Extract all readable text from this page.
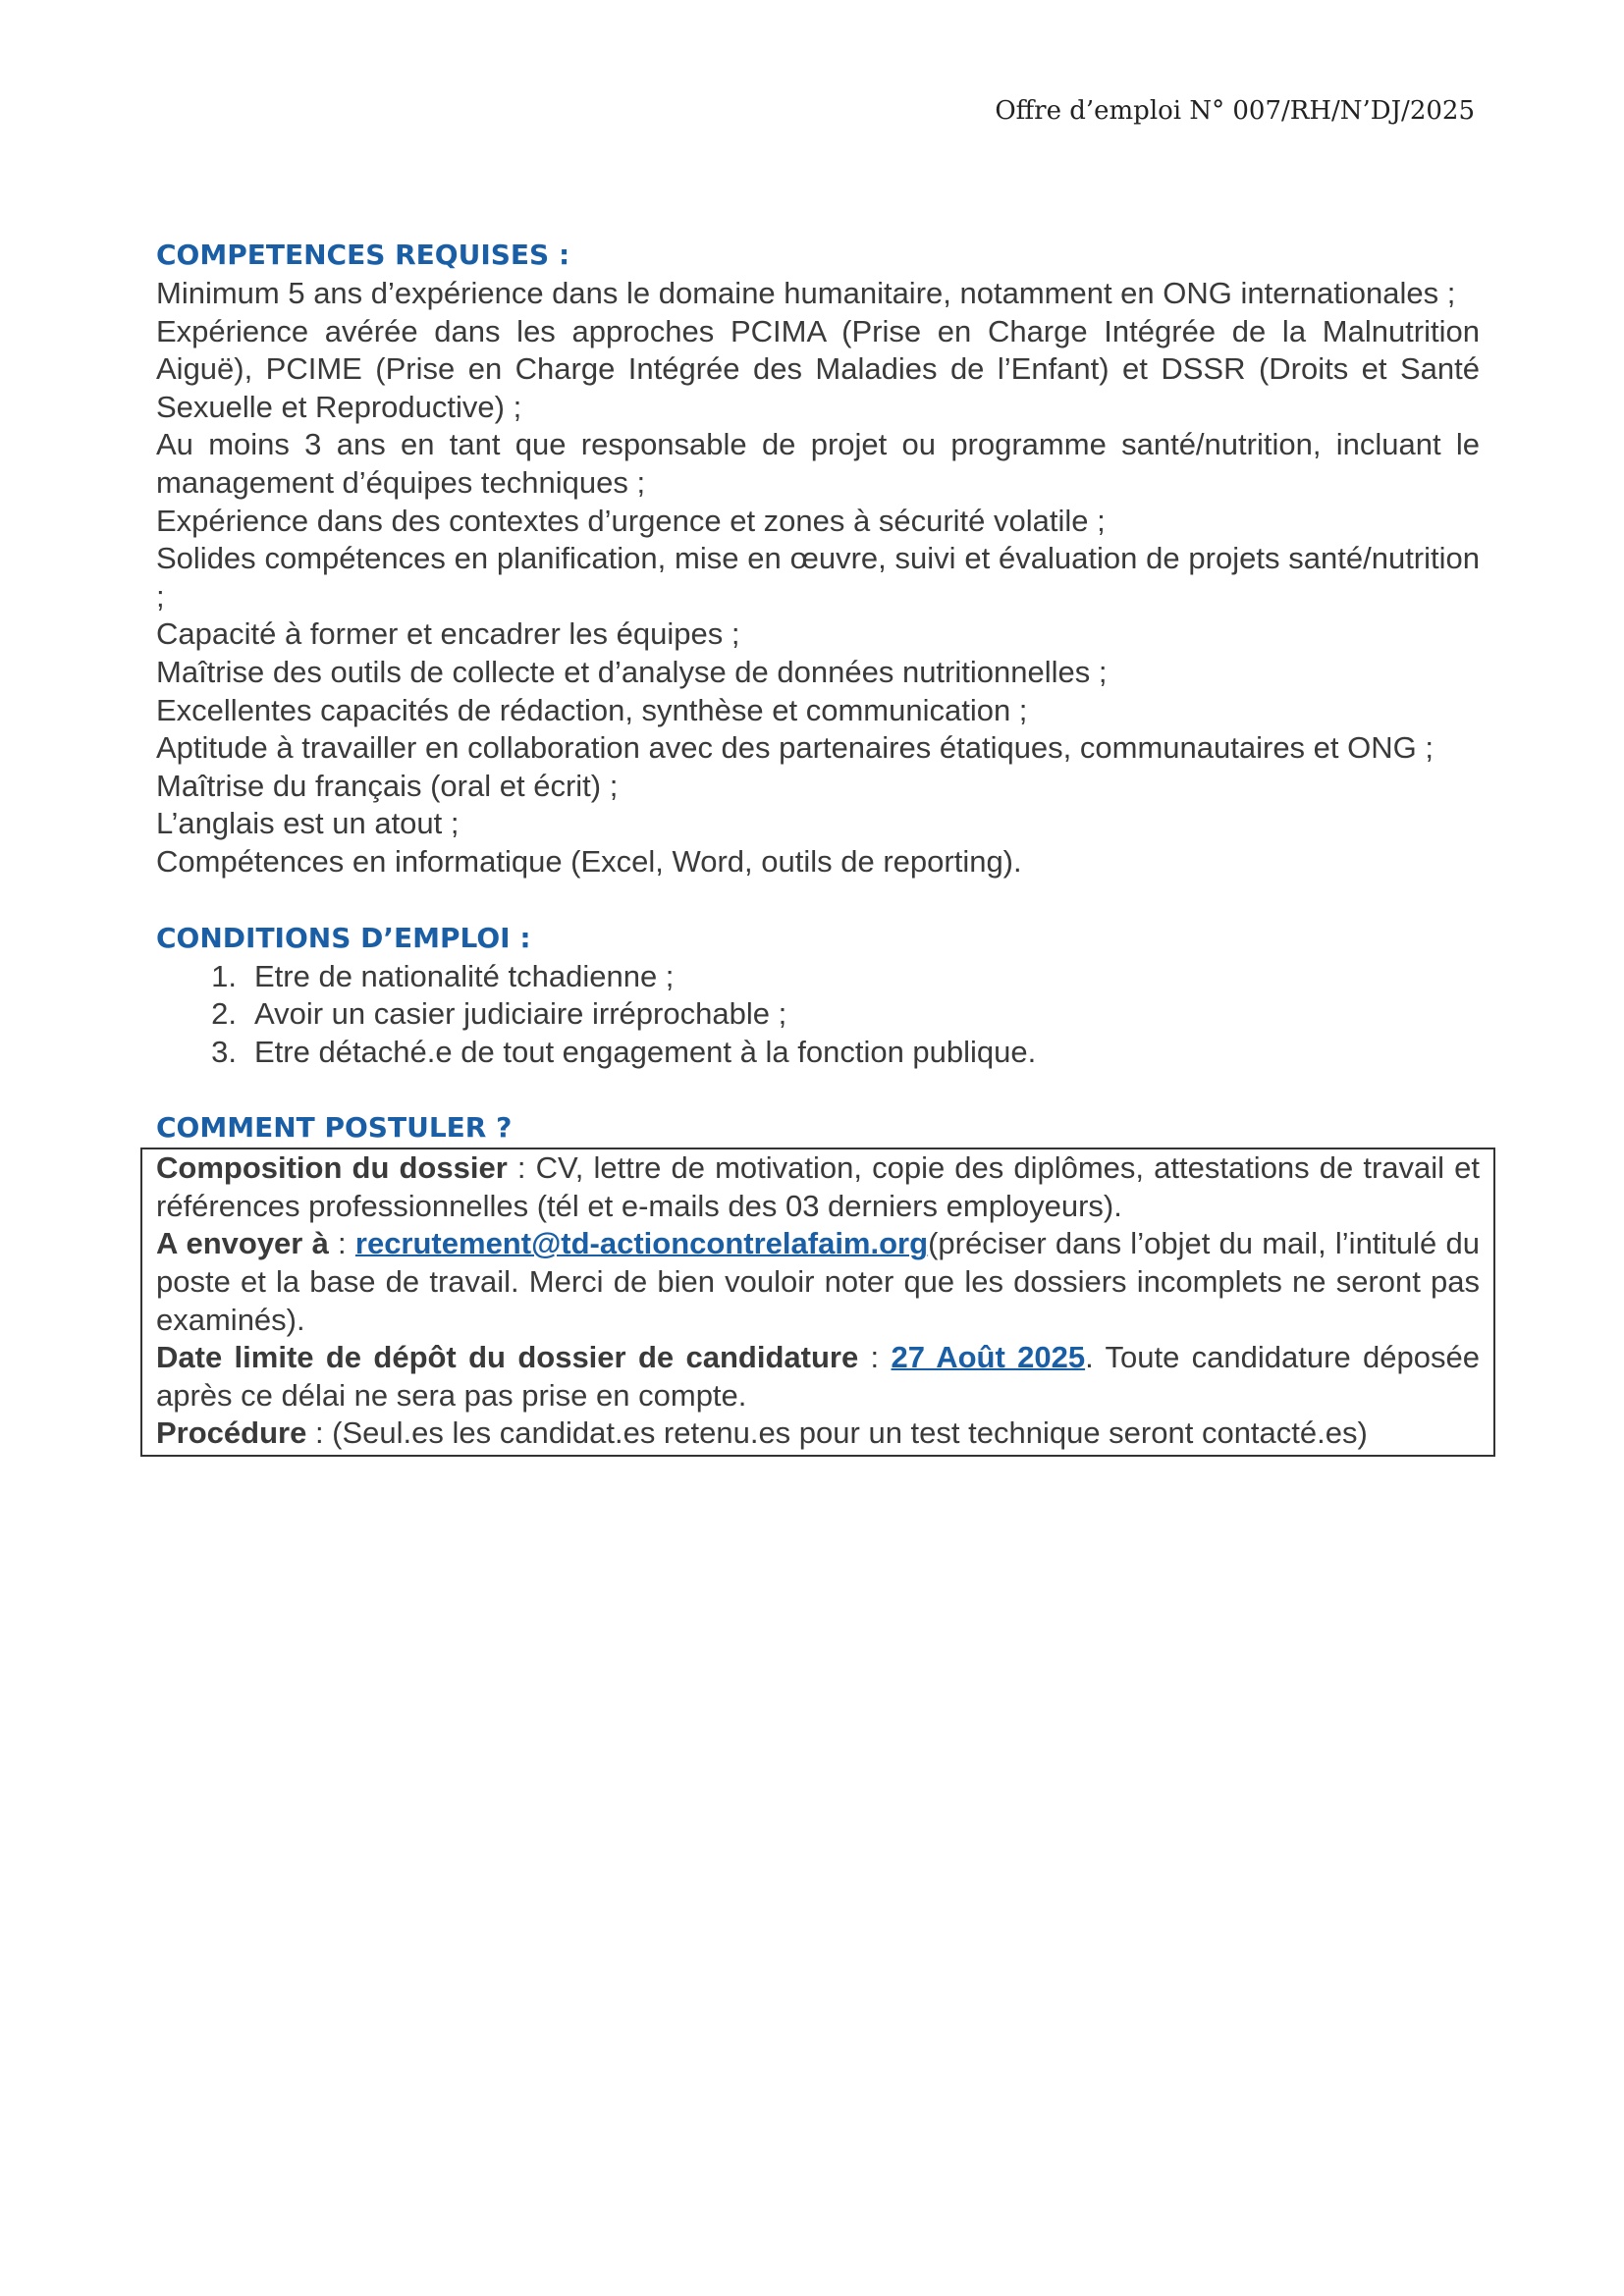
Offre d’emploi N° 007/RH/N’DJ/2025
COMPETENCES REQUISES :

Minimum 5 ans d’expérience dans le domaine humanitaire, notamment en ONG internationales ;

Expérience avérée dans les approches PCIMA (Prise en Charge Intégrée de la Malnutrition Aiguë), PCIME (Prise en Charge Intégrée des Maladies de l’Enfant) et DSSR (Droits et Santé Sexuelle et Reproductive) ;

Au moins 3 ans en tant que responsable de projet ou programme santé/nutrition, incluant le management d’équipes techniques ;

Expérience dans des contextes d’urgence et zones à sécurité volatile ;

Solides compétences en planification, mise en œuvre, suivi et évaluation de projets santé/nutrition ;

Capacité à former et encadrer les équipes ;

Maîtrise des outils de collecte et d’analyse de données nutritionnelles ;

Excellentes capacités de rédaction, synthèse et communication ;

Aptitude à travailler en collaboration avec des partenaires étatiques, communautaires et ONG ;

Maîtrise du français (oral et écrit) ;

L’anglais est un atout ;

Compétences en informatique (Excel, Word, outils de reporting).

CONDITIONS D’EMPLOI :
1. Etre de nationalité tchadienne ;
2. Avoir un casier judiciaire irréprochable ;
3. Etre détaché.e de tout engagement à la fonction publique.
COMMENT POSTULER ?

Composition du dossier : CV, lettre de motivation, copie des diplômes, attestations de travail et références professionnelles (tél et e-mails des 03 derniers employeurs).

A envoyer à : recrutement@td-actioncontrelafaim.org(préciser dans l’objet du mail, l’intitulé du poste et la base de travail. Merci de bien vouloir noter que les dossiers incomplets ne seront pas examinés).

Date limite de dépôt du dossier de candidature : 27 Août 2025. Toute candidature déposée après ce délai ne sera pas prise en compte.

Procédure : (Seul.es les candidat.es retenu.es pour un test technique seront contacté.es)
